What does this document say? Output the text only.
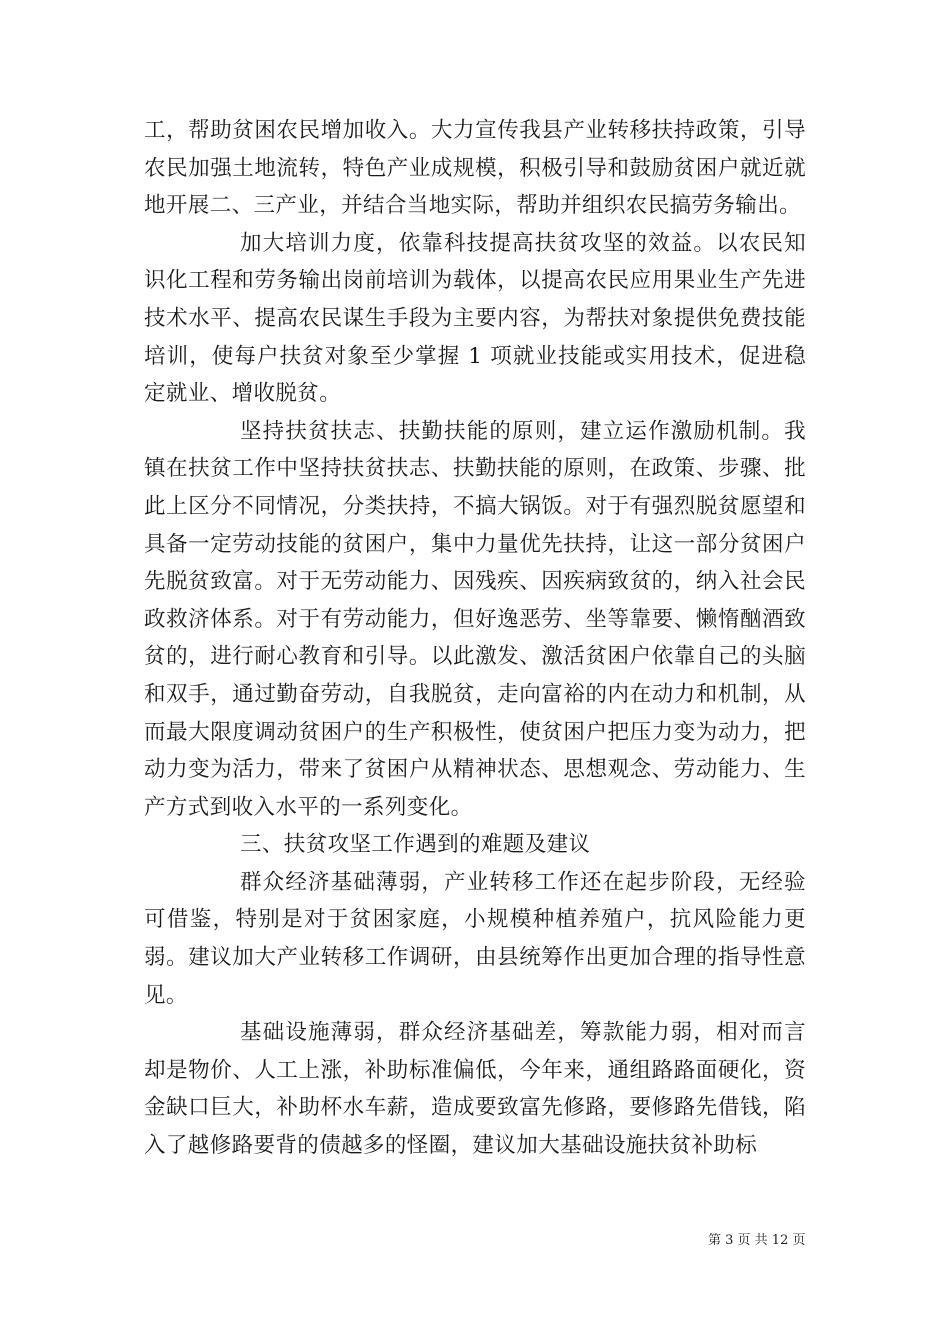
工，帮助贫困农民增加收入。大力宣传我县产业转移扶持政策，引导农民加强土地流转，特色产业成规模，积极引导和鼓励贫困户就近就地开展二、三产业，并结合当地实际，帮助并组织农民搞劳务输出。

加大培训力度，依靠科技提高扶贫攻坚的效益。以农民知识化工程和劳务输出岗前培训为载体，以提高农民应用果业生产先进技术水平、提高农民谋生手段为主要内容，为帮扶对象提供免费技能培训，使每户扶贫对象至少掌握 1 项就业技能或实用技术，促进稳定就业、增收脱贫。

坚持扶贫扶志、扶勤扶能的原则，建立运作激励机制。我镇在扶贫工作中坚持扶贫扶志、扶勤扶能的原则，在政策、步骤、批此上区分不同情况，分类扶持，不搞大锅饭。对于有强烈脱贫愿望和具备一定劳动技能的贫困户，集中力量优先扶持，让这一部分贫困户先脱贫致富。对于无劳动能力、因残疾、因疾病致贫的，纳入社会民政救济体系。对于有劳动能力，但好逸恶劳、坐等靠要、懒惰酗酒致贫的，进行耐心教育和引导。以此激发、激活贫困户依靠自己的头脑和双手，通过勤奋劳动，自我脱贫，走向富裕的内在动力和机制，从而最大限度调动贫困户的生产积极性，使贫困户把压力变为动力，把动力变为活力，带来了贫困户从精神状态、思想观念、劳动能力、生产方式到收入水平的一系列变化。

三、扶贫攻坚工作遇到的难题及建议

群众经济基础薄弱，产业转移工作还在起步阶段，无经验可借鉴，特别是对于贫困家庭，小规模种植养殖户，抗风险能力更弱。建议加大产业转移工作调研，由县统筹作出更加合理的指导性意见。

基础设施薄弱，群众经济基础差，筹款能力弱，相对而言却是物价、人工上涨，补助标准偏低，今年来，通组路路面硬化，资金缺口巨大，补助杯水车薪，造成要致富先修路，要修路先借钱，陷入了越修路要背的债越多的怪圈，建议加大基础设施扶贫补助标

第 3 页 共 12 页
